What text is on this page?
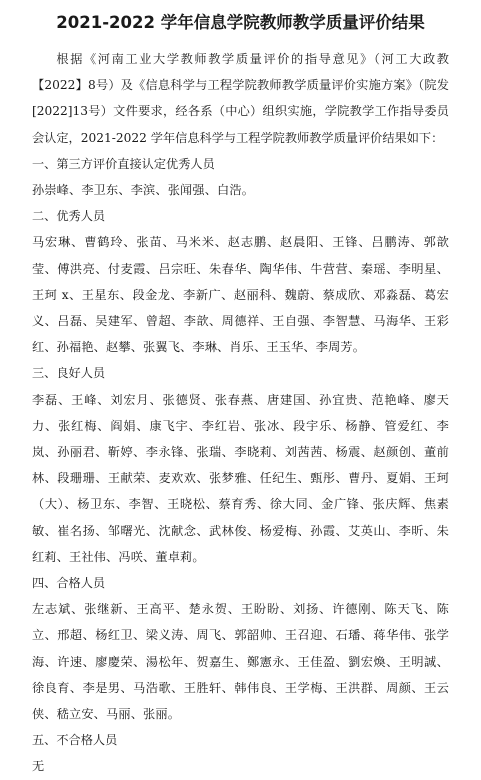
2021-2022 学年信息学院教师教学质量评价结果

根据《河南工业大学教师教学质量评价的指导意见》（河工大政教【2022】8号）及《信息科学与工程学院教师教学质量评价实施方案》（院发[2022]13号）文件要求，经各系（中心）组织实施，学院教学工作指导委员会认定，2021-2022 学年信息科学与工程学院教师教学质量评价结果如下：

一、第三方评价直接认定优秀人员

孙崇峰、李卫东、李滨、张闻强、白浩。

二、优秀人员

马宏琳、曹鹤玲、张苗、马米米、赵志鹏、赵晨阳、王锋、吕鹏涛、郭歆莹、傅洪亮、付麦霞、吕宗旺、朱春华、陶华伟、牛营营、秦瑶、李明星、王珂 x、王星东、段金龙、李新广、赵丽科、魏蔚、蔡成欣、邓淼磊、葛宏义、吕磊、吴建军、曾超、李歆、周德祥、王自强、李智慧、马海华、王彩红、孙福艳、赵攀、张翼飞、李琳、肖乐、王玉华、李周芳。

三、良好人员

李磊、王峰、刘宏月、张德贤、张春燕、唐建国、孙宜贵、范艳峰、廖天力、张红梅、阎娟、康飞宇、李红岩、张冰、段宇乐、杨静、管爱红、李岚、孙丽君、靳婷、李永锋、张瑞、李晓莉、刘茜茜、杨震、赵颜创、董前林、段珊珊、王献荣、麦欢欢、张梦雅、任纪生、甄彤、曹丹、夏娟、王珂（大）、杨卫东、李智、王晓松、蔡育秀、徐大同、金广锋、张庆辉、焦素敏、崔名扬、邹曙光、沈献念、武林俊、杨爱梅、孙霞、艾英山、李昕、朱红莉、王社伟、冯咲、董卓莉。

四、合格人员

左志斌、张继新、王高平、楚永贺、王盼盼、刘扬、许德刚、陈天飞、陈立、邢超、杨红卫、梁义涛、周飞、郭韶帅、王召迎、石璠、蒋华伟、张学海、许速、廖慶荣、湯松年、贺嘉生、鄭憲永、王佳盈、劉宏煥、王明誠、徐良育、李是男、马浩歌、王胜轩、韩伟良、王学梅、王洪群、周颜、王云侠、嵇立安、马丽、张丽。

五、不合格人员

无
